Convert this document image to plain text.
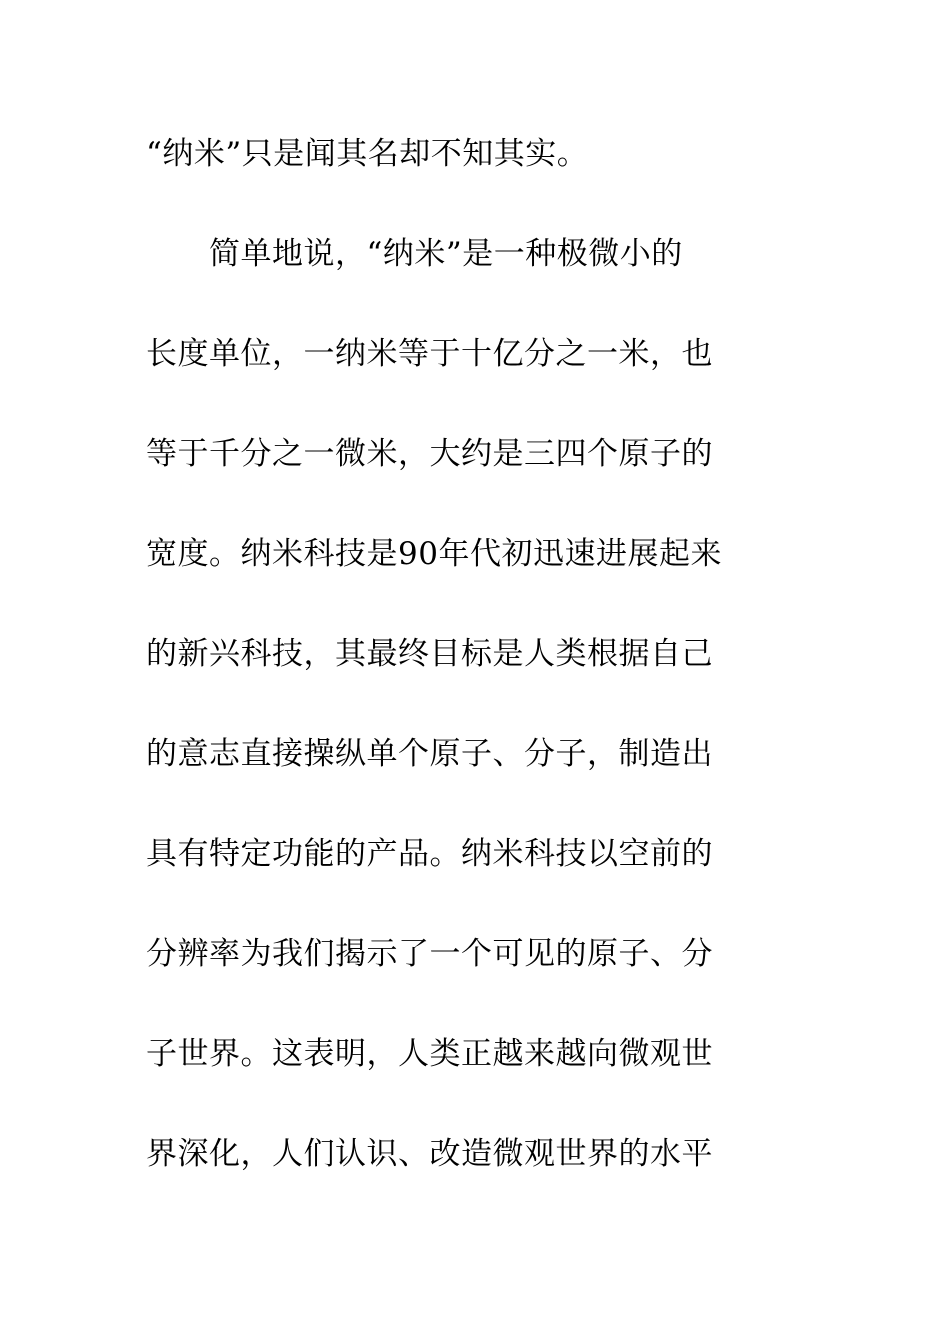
“纳米”只是闻其名却不知其实。
　　简单地说，“纳米”是一种极微小的
长度单位，一纳米等于十亿分之一米，也
等于千分之一微米，大约是三四个原子的
宽度。纳米科技是90年代初迅速进展起来
的新兴科技，其最终目标是人类根据自己
的意志直接操纵单个原子、分子，制造出
具有特定功能的产品。纳米科技以空前的
分辨率为我们揭示了一个可见的原子、分
子世界。这表明，人类正越来越向微观世
界深化，人们认识、改造微观世界的水平
